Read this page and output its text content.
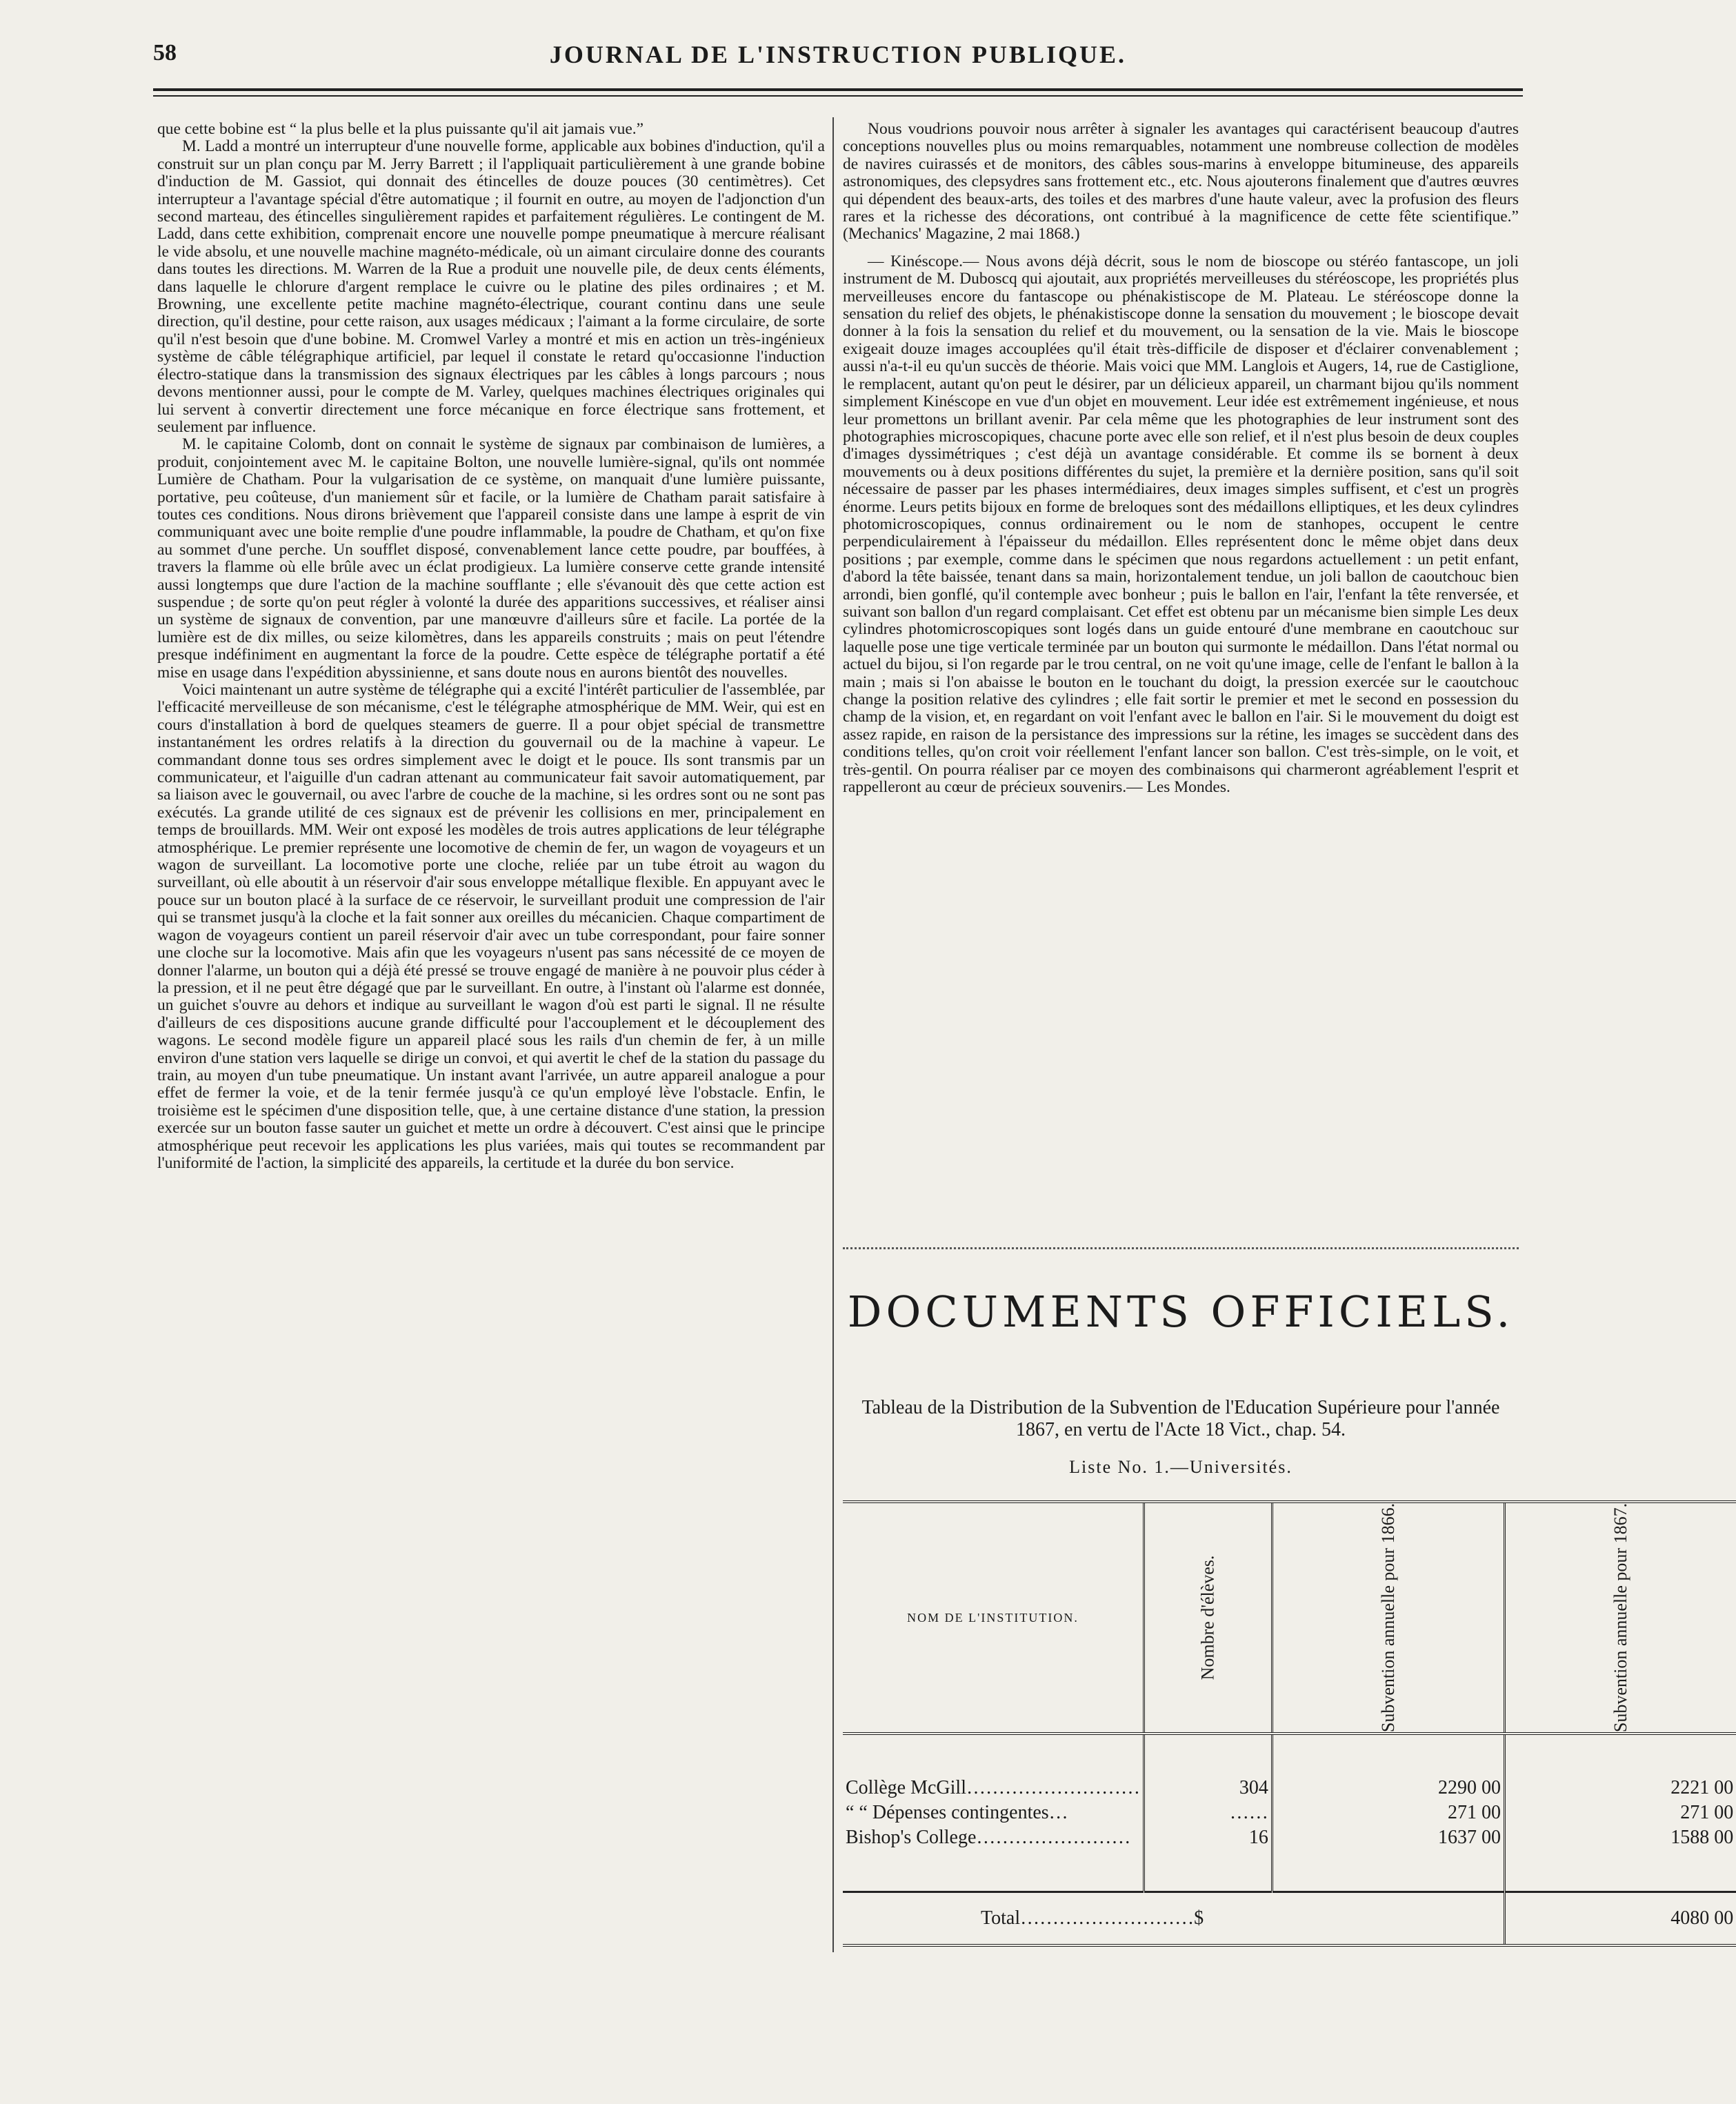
58	JOURNAL DE L'INSTRUCTION PUBLIQUE.

que cette bobine est “ la plus belle et la plus puissante qu'il ait jamais vue.”

M. Ladd a montré un interrupteur d'une nouvelle forme, applicable aux bobines d'induction, qu'il a construit sur un plan conçu par M. Jerry Barrett ; il l'appliquait particulièrement à une grande bobine d'induction de M. Gassiot, qui donnait des étincelles de douze pouces (30 centimètres). Cet interrupteur a l'avantage spécial d'être automatique ; il fournit en outre, au moyen de l'adjonction d'un second marteau, des étincelles singulièrement rapides et parfaitement régulières. Le contingent de M. Ladd, dans cette exhibition, comprenait encore une nouvelle pompe pneumatique à mercure réalisant le vide absolu, et une nouvelle machine magnéto-médicale, où un aimant circulaire donne des courants dans toutes les directions. M. Warren de la Rue a produit une nouvelle pile, de deux cents éléments, dans laquelle le chlorure d'argent remplace le cuivre ou le platine des piles ordinaires ; et M. Browning, une excellente petite machine magnéto-électrique, courant continu dans une seule direction, qu'il destine, pour cette raison, aux usages médicaux ; l'aimant a la forme circulaire, de sorte qu'il n'est besoin que d'une bobine. M. Cromwel Varley a montré et mis en action un très-ingénieux système de câble télégraphique artificiel, par lequel il constate le retard qu'occasionne l'induction électro-statique dans la transmission des signaux électriques par les câbles à longs parcours ; nous devons mentionner aussi, pour le compte de M. Varley, quelques machines électriques originales qui lui servent à convertir directement une force mécanique en force électrique sans frottement, et seulement par influence.

M. le capitaine Colomb, dont on connait le système de signaux par combinaison de lumières, a produit, conjointement avec M. le capitaine Bolton, une nouvelle lumière-signal, qu'ils ont nommée Lumière de Chatham. Pour la vulgarisation de ce système, on manquait d'une lumière puissante, portative, peu coûteuse, d'un maniement sûr et facile, or la lumière de Chatham parait satisfaire à toutes ces conditions. Nous dirons brièvement que l'appareil consiste dans une lampe à esprit de vin communiquant avec une boite remplie d'une poudre inflammable, la poudre de Chatham, et qu'on fixe au sommet d'une perche. Un soufflet disposé, convenablement lance cette poudre, par bouffées, à travers la flamme où elle brûle avec un éclat prodigieux. La lumière conserve cette grande intensité aussi longtemps que dure l'action de la machine soufflante ; elle s'évanouit dès que cette action est suspendue ; de sorte qu'on peut régler à volonté la durée des apparitions successives, et réaliser ainsi un système de signaux de convention, par une manœuvre d'ailleurs sûre et facile. La portée de la lumière est de dix milles, ou seize kilomètres, dans les appareils construits ; mais on peut l'étendre presque indéfiniment en augmentant la force de la poudre. Cette espèce de télégraphe portatif a été mise en usage dans l'expédition abyssinienne, et sans doute nous en aurons bientôt des nouvelles.

Voici maintenant un autre système de télégraphe qui a excité l'intérêt particulier de l'assemblée, par l'efficacité merveilleuse de son mécanisme, c'est le télégraphe atmosphérique de MM. Weir, qui est en cours d'installation à bord de quelques steamers de guerre. Il a pour objet spécial de transmettre instantanément les ordres relatifs à la direction du gouvernail ou de la machine à vapeur. Le commandant donne tous ses ordres simplement avec le doigt et le pouce. Ils sont transmis par un communicateur, et l'aiguille d'un cadran attenant au communicateur fait savoir automatiquement, par sa liaison avec le gouvernail, ou avec l'arbre de couche de la machine, si les ordres sont ou ne sont pas exécutés. La grande utilité de ces signaux est de prévenir les collisions en mer, principalement en temps de brouillards. MM. Weir ont exposé les modèles de trois autres applications de leur télégraphe atmosphérique. Le premier représente une locomotive de chemin de fer, un wagon de voyageurs et un wagon de surveillant. La locomotive porte une cloche, reliée par un tube étroit au wagon du surveillant, où elle aboutit à un réservoir d'air sous enveloppe métallique flexible. En appuyant avec le pouce sur un bouton placé à la surface de ce réservoir, le surveillant produit une compression de l'air qui se transmet jusqu'à la cloche et la fait sonner aux oreilles du mécanicien. Chaque compartiment de wagon de voyageurs contient un pareil réservoir d'air avec un tube correspondant, pour faire sonner une cloche sur la locomotive. Mais afin que les voyageurs n'usent pas sans nécessité de ce moyen de donner l'alarme, un bouton qui a déjà été pressé se trouve engagé de manière à ne pouvoir plus céder à la pression, et il ne peut être dégagé que par le surveillant. En outre, à l'instant où l'alarme est donnée, un guichet s'ouvre au dehors et indique au surveillant le wagon d'où est parti le signal. Il ne résulte d'ailleurs de ces dispositions aucune grande difficulté pour l'accouplement et le découplement des wagons. Le second modèle figure un appareil placé sous les rails d'un chemin de fer, à un mille environ d'une station vers laquelle se dirige un convoi, et qui avertit le chef de la station du passage du train, au moyen d'un tube pneumatique. Un instant avant l'arrivée, un autre appareil analogue a pour effet de fermer la voie, et de la tenir fermée jusqu'à ce qu'un employé lève l'obstacle. Enfin, le troisième est le spécimen d'une disposition telle, que, à une certaine distance d'une station, la pression exercée sur un bouton fasse sauter un guichet et mette un ordre à découvert. C'est ainsi que le principe atmosphérique peut recevoir les applications les plus variées, mais qui toutes se recommandent par l'uniformité de l'action, la simplicité des appareils, la certitude et la durée du bon service.

Nous voudrions pouvoir nous arrêter à signaler les avantages qui caractérisent beaucoup d'autres conceptions nouvelles plus ou moins remarquables, notamment une nombreuse collection de modèles de navires cuirassés et de monitors, des câbles sous-marins à enveloppe bitumineuse, des appareils astronomiques, des clepsydres sans frottement etc., etc. Nous ajouterons finalement que d'autres œuvres qui dépendent des beaux-arts, des toiles et des marbres d'une haute valeur, avec la profusion des fleurs rares et la richesse des décorations, ont contribué à la magnificence de cette fête scientifique.” (Mechanics' Magazine, 2 mai 1868.)

— Kinéscope.— Nous avons déjà décrit, sous le nom de bioscope ou stéréo fantascope, un joli instrument de M. Duboscq qui ajoutait, aux propriétés merveilleuses du stéréoscope, les propriétés plus merveilleuses encore du fantascope ou phénakistiscope de M. Plateau. Le stéréoscope donne la sensation du relief des objets, le phénakistiscope donne la sensation du mouvement ; le bioscope devait donner à la fois la sensation du relief et du mouvement, ou la sensation de la vie. Mais le bioscope exigeait douze images accouplées qu'il était très-difficile de disposer et d'éclairer convenablement ; aussi n'a-t-il eu qu'un succès de théorie. Mais voici que MM. Langlois et Augers, 14, rue de Castiglione, le remplacent, autant qu'on peut le désirer, par un délicieux appareil, un charmant bijou qu'ils nomment simplement Kinéscope en vue d'un objet en mouvement. Leur idée est extrêmement ingénieuse, et nous leur promettons un brillant avenir. Par cela même que les photographies de leur instrument sont des photographies microscopiques, chacune porte avec elle son relief, et il n'est plus besoin de deux couples d'images dyssimétriques ; c'est déjà un avantage considérable. Et comme ils se bornent à deux mouvements ou à deux positions différentes du sujet, la première et la dernière position, sans qu'il soit nécessaire de passer par les phases intermédiaires, deux images simples suffisent, et c'est un progrès énorme. Leurs petits bijoux en forme de breloques sont des médaillons elliptiques, et les deux cylindres photomicroscopiques, connus ordinairement ou le nom de stanhopes, occupent le centre perpendiculairement à l'épaisseur du médaillon. Elles représentent donc le même objet dans deux positions ; par exemple, comme dans le spécimen que nous regardons actuellement : un petit enfant, d'abord la tête baissée, tenant dans sa main, horizontalement tendue, un joli ballon de caoutchouc bien arrondi, bien gonflé, qu'il contemple avec bonheur ; puis le ballon en l'air, l'enfant la tête renversée, et suivant son ballon d'un regard complaisant. Cet effet est obtenu par un mécanisme bien simple Les deux cylindres photomicroscopiques sont logés dans un guide entouré d'une membrane en caoutchouc sur laquelle pose une tige verticale terminée par un bouton qui surmonte le médaillon. Dans l'état normal ou actuel du bijou, si l'on regarde par le trou central, on ne voit qu'une image, celle de l'enfant le ballon à la main ; mais si l'on abaisse le bouton en le touchant du doigt, la pression exercée sur le caoutchouc change la position relative des cylindres ; elle fait sortir le premier et met le second en possession du champ de la vision, et, en regardant on voit l'enfant avec le ballon en l'air. Si le mouvement du doigt est assez rapide, en raison de la persistance des impressions sur la rétine, les images se succèdent dans des conditions telles, qu'on croit voir réellement l'enfant lancer son ballon. C'est très-simple, on le voit, et très-gentil. On pourra réaliser par ce moyen des combinaisons qui charmeront agréablement l'esprit et rappelleront au cœur de précieux souvenirs.— Les Mondes.

DOCUMENTS OFFICIELS.
Tableau de la Distribution de la Subvention de l'Education Supérieure pour l'année 1867, en vertu de l'Acte 18 Vict., chap. 54.
Liste No. 1.—Universités.
NOM DE L'INSTITUTION.	Nombre d'élèves.	Subvention annuelle pour 1866.	Subvention annuelle pour 1867.

Collège McGill………………………	304	2290 00	2221 00
“ “ Dépenses contingentes…	……	271 00	271 00
Bishop's College……………………	16	1637 00	1588 00

Total………………………$			4080 00
